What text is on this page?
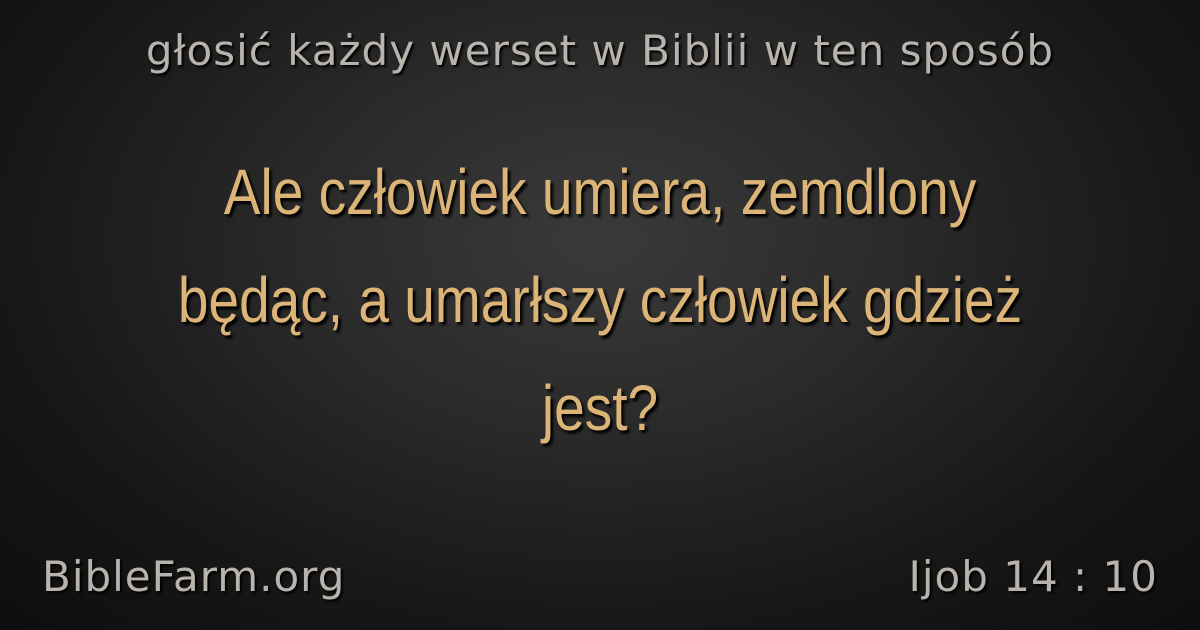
głosić każdy werset w Biblii w ten sposób
Ale człowiek umiera, zemdlony będąc, a umarłszy człowiek gdzież jest?
BibleFarm.org	Ijob 14 : 10
